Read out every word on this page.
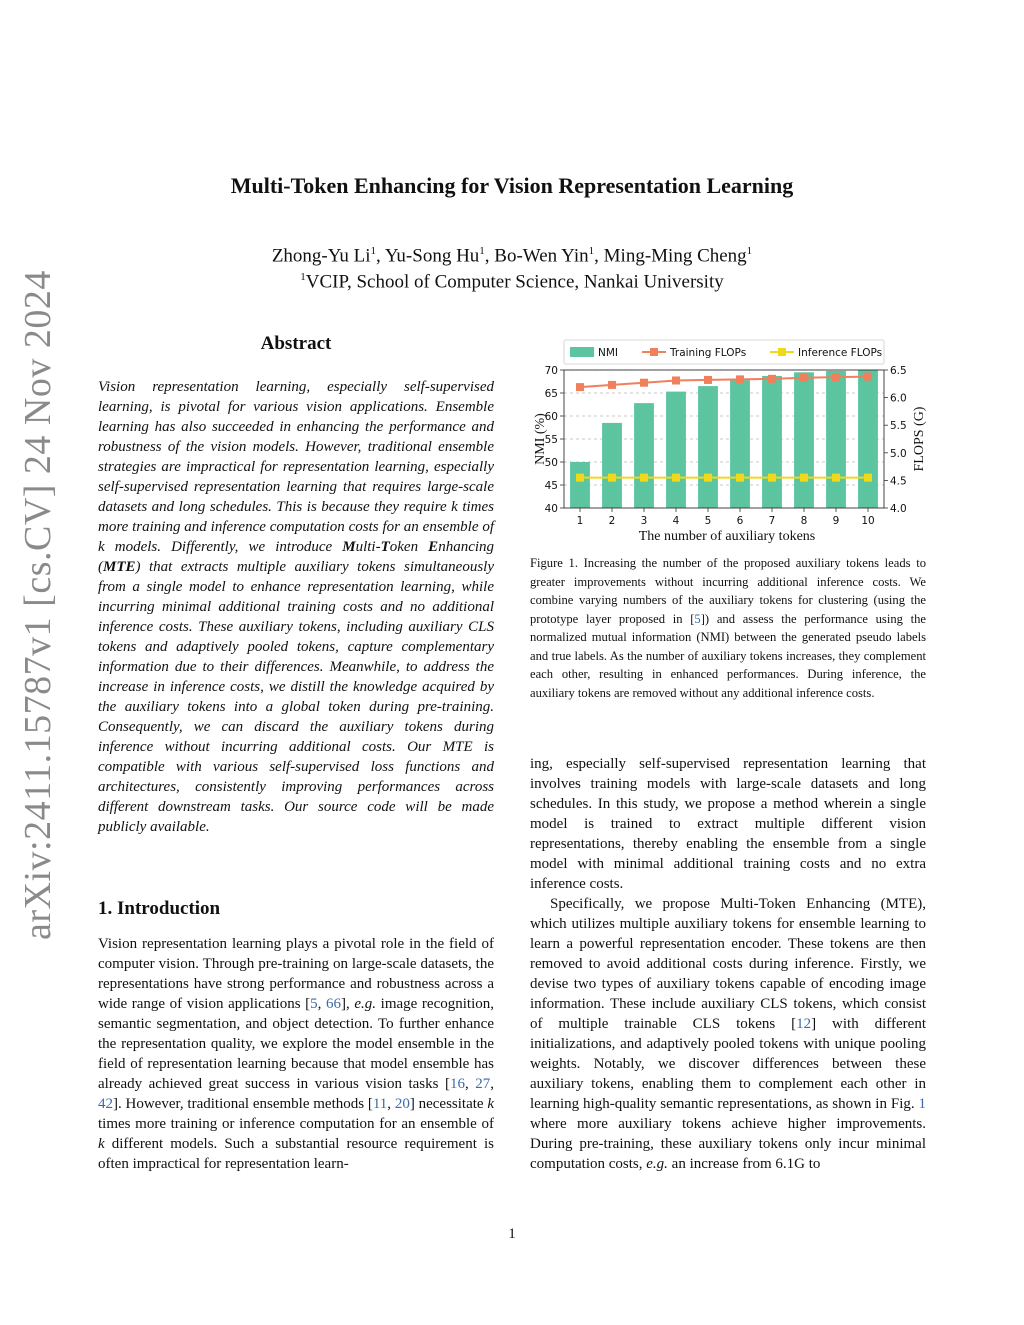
arXiv:2411.15787v1 [cs.CV] 24 Nov 2024
Multi-Token Enhancing for Vision Representation Learning
Zhong-Yu Li$^1$, Yu-Song Hu$^1$, Bo-Wen Yin$^1$, Ming-Ming Cheng$^1$
$^1$VCIP, School of Computer Science, Nankai University
Abstract
Vision representation learning, especially self-supervised learning, is pivotal for various vision applications. Ensemble learning has also succeeded in enhancing the performance and robustness of the vision models. However, traditional ensemble strategies are impractical for representation learning, especially self-supervised representation learning that requires large-scale datasets and long schedules. This is because they require k times more training and inference computation costs for an ensemble of k models. Differently, we introduce Multi-Token Enhancing (MTE) that extracts multiple auxiliary tokens simultaneously from a single model to enhance representation learning, while incurring minimal additional training costs and no additional inference costs. These auxiliary tokens, including auxiliary CLS tokens and adaptively pooled tokens, capture complementary information due to their differences. Meanwhile, to address the increase in inference costs, we distill the knowledge acquired by the auxiliary tokens into a global token during pre-training. Consequently, we can discard the auxiliary tokens during inference without incurring additional costs. Our MTE is compatible with various self-supervised loss functions and architectures, consistently improving performances across different downstream tasks. Our source code will be made publicly available.
1. Introduction
Vision representation learning plays a pivotal role in the field of computer vision. Through pre-training on large-scale datasets, the representations have strong performance and robustness across a wide range of vision applications [5, 66], e.g. image recognition, semantic segmentation, and object detection. To further enhance the representation quality, we explore the model ensemble in the field of representation learning because that model ensemble has already achieved great success in various vision tasks [16, 27, 42]. However, traditional ensemble methods [11, 20] necessitate k times more training or inference computation for an ensemble of k different models. Such a substantial resource requirement is often impractical for representation learn-
40
45
50
55
60
65
70
4.0
4.5
5.0
5.5
6.0
6.5
1 2 3 4 5 6 7 8 9 10
NMI	Training FLOPs	Inference FLOPs
The number of auxiliary tokens
NMI (%)	FLOPS (G)
Figure 1. Increasing the number of the proposed auxiliary tokens leads to greater improvements without incurring additional inference costs. We combine varying numbers of the auxiliary tokens for clustering (using the prototype layer proposed in [5]) and assess the performance using the normalized mutual information (NMI) between the generated pseudo labels and true labels. As the number of auxiliary tokens increases, they complement each other, resulting in enhanced performances. During inference, the auxiliary tokens are removed without any additional inference costs.

ing, especially self-supervised representation learning that involves training models with large-scale datasets and long schedules. In this study, we propose a method wherein a single model is trained to extract multiple different vision representations, thereby enabling the ensemble from a single model with minimal additional training costs and no extra inference costs.

Specifically, we propose Multi-Token Enhancing (MTE), which utilizes multiple auxiliary tokens for ensemble learning to learn a powerful representation encoder. These tokens are then removed to avoid additional costs during inference. Firstly, we devise two types of auxiliary tokens capable of encoding image information. These include auxiliary CLS tokens, which consist of multiple trainable CLS tokens [12] with different initializations, and adaptively pooled tokens with unique pooling weights. Notably, we discover differences between these auxiliary tokens, enabling them to complement each other in learning high-quality semantic representations, as shown in Fig. 1 where more auxiliary tokens achieve higher improvements. During pre-training, these auxiliary tokens only incur minimal computation costs, e.g. an increase from 6.1G to

1
